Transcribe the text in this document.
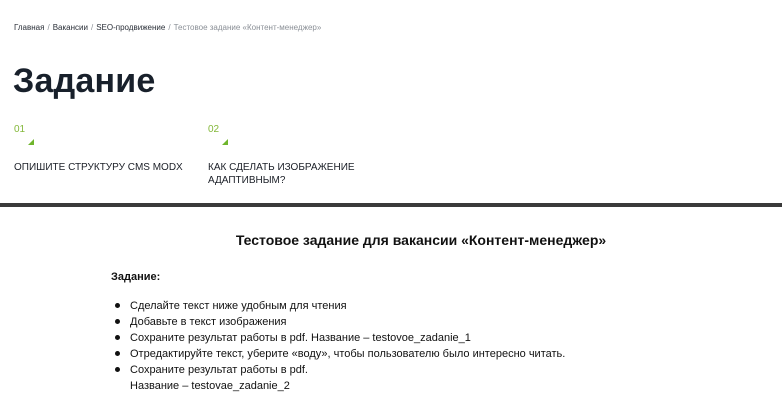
Главная / Вакансии / SEO-продвижение / Тестовое задание «Контент-менеджер»
Задание
01
ОПИШИТЕ СТРУКТУРУ CMS MODX
02
КАК СДЕЛАТЬ ИЗОБРАЖЕНИЕ АДАПТИВНЫМ?
Тестовое задание для вакансии «Контент-менеджер»
Задание:
Сделайте текст ниже удобным для чтения
Добавьте в текст изображения
Сохраните результат работы в pdf. Название – testovoe_zadanie_1
Отредактируйте текст, уберите «воду», чтобы пользователю было интересно читать.
Сохраните результат работы в pdf.
Название – testovae_zadanie_2
